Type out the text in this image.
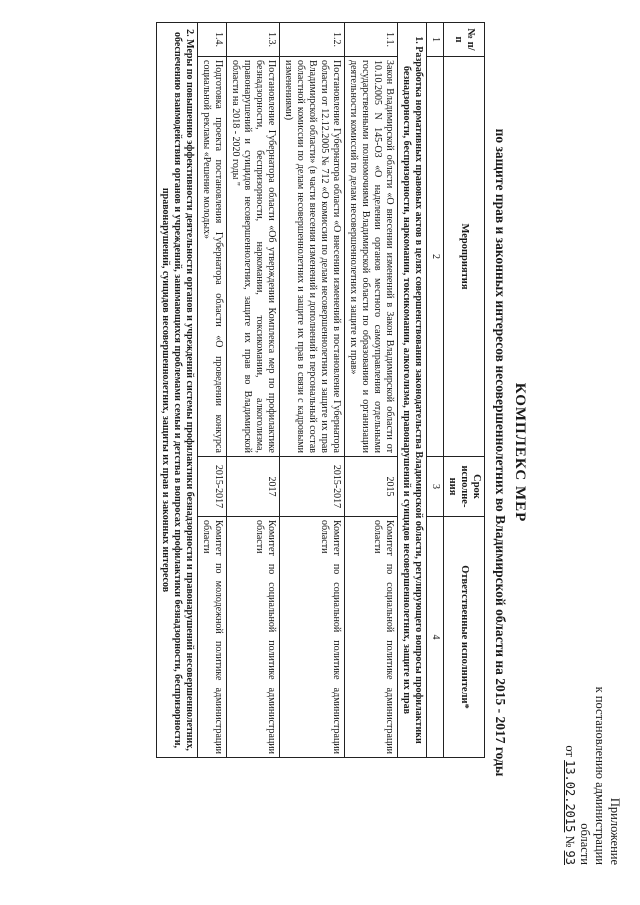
Приложение
к постановлению администрации
области
от 13.02.2015 № 93
КОМПЛЕКС МЕР
по защите прав и законных интересов несовершеннолетних во Владимирской области на 2015 - 2017 годы
№ п/п	Мероприятия	Срок исполне-ния	Ответственные исполнители*
1	2	3	4
1. Разработка нормативных правовых актов в целях совершенствования законодательства Владимирской области, регулирующего вопросы профилактики безнадзорности, беспризорности, наркомании, токсикомании, алкоголизма, правонарушений и суицидов несовершеннолетних, защите их прав			
1.1.	Закон Владимирской области «О внесении изменений в Закон Владимирской области от 10.10.2005 N 145-ОЗ «О наделении органов местного самоуправления отдельными государственными полномочиями Владимирской области по образованию и организации деятельности комиссий по делам несовершеннолетних и защите их прав»	2015	Комитет по социальной политике администрации области
1.2.	Постановление Губернатора области «О внесении изменений в постановление Губернатора области от 12.12.2005 № 712 «О комиссии по делам несовершеннолетних и защите их прав Владимирской области» (в части внесения изменений и дополнений в персональный состав областной комиссии по делам несовершеннолетних и защите их прав в связи с кадровыми изменениями)	2015-2017	Комитет по социальной политике администрации области
1.3.	Постановление Губернатора области «Об утверждении Комплекса мер по профилактике безнадзорности, беспризорности, наркомании, токсикомании, алкоголизма, правонарушений и суицидов несовершеннолетних, защите их прав во Владимирской области на 2018 - 2020 годы "	2017	Комитет по социальной политике администрации области
1.4.	Подготовка проекта постановления Губернатора области «О проведении конкурса социальной рекламы «Решение молодых»	2015-2017	Комитет по молодежной политике администрации области
2. Меры по повышению эффективности деятельности органов и учреждений системы профилактики безнадзорности и правонарушений несовершеннолетних, обеспечению взаимодействия органов и учреждений, занимающихся проблемами семьи и детства в вопросах профилактики безнадзорности, беспризорности, правонарушений, суицидов несовершеннолетних, защиты их прав и законных интересов			
